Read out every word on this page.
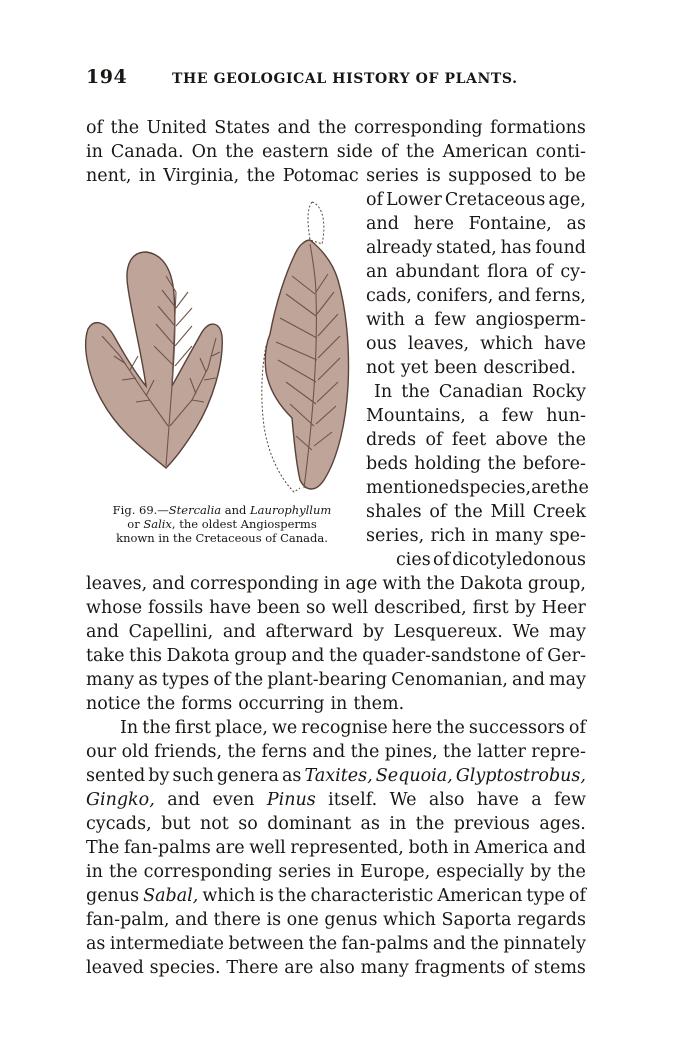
194	THE GEOLOGICAL HISTORY OF PLANTS.
Fig. 69.—Stercalia and Laurophyllum
or Salix, the oldest Angiosperms
known in the Cretaceous of Canada.
of the United States and the corresponding formations
in Canada. On the eastern side of the American conti-
nent, in Virginia, the Potomac series is supposed to be
of Lower Cretaceous age,
and here Fontaine, as
already stated, has found
an abundant flora of cy-
cads, conifers, and ferns,
with a few angiosperm-
ous leaves, which have
not yet been described.
In the Canadian Rocky
Mountains, a few hun-
dreds of feet above the
beds holding the before-
mentioned species, are the
shales of the Mill Creek
series, rich in many spe-
cies of dicotyledonous
leaves, and corresponding in age with the Dakota group,
whose fossils have been so well described, first by Heer
and Capellini, and afterward by Lesquereux. We may
take this Dakota group and the quader-sandstone of Ger-
many as types of the plant-bearing Cenomanian, and may
notice the forms occurring in them.
In the first place, we recognise here the successors of
our old friends, the ferns and the pines, the latter repre-
sented by such genera as Taxites, Sequoia, Glyptostrobus,
Gingko, and even Pinus itself. We also have a few
cycads, but not so dominant as in the previous ages.
The fan-palms are well represented, both in America and
in the corresponding series in Europe, especially by the
genus Sabal, which is the characteristic American type of
fan-palm, and there is one genus which Saporta regards
as intermediate between the fan-palms and the pinnately
leaved species. There are also many fragments of stems
